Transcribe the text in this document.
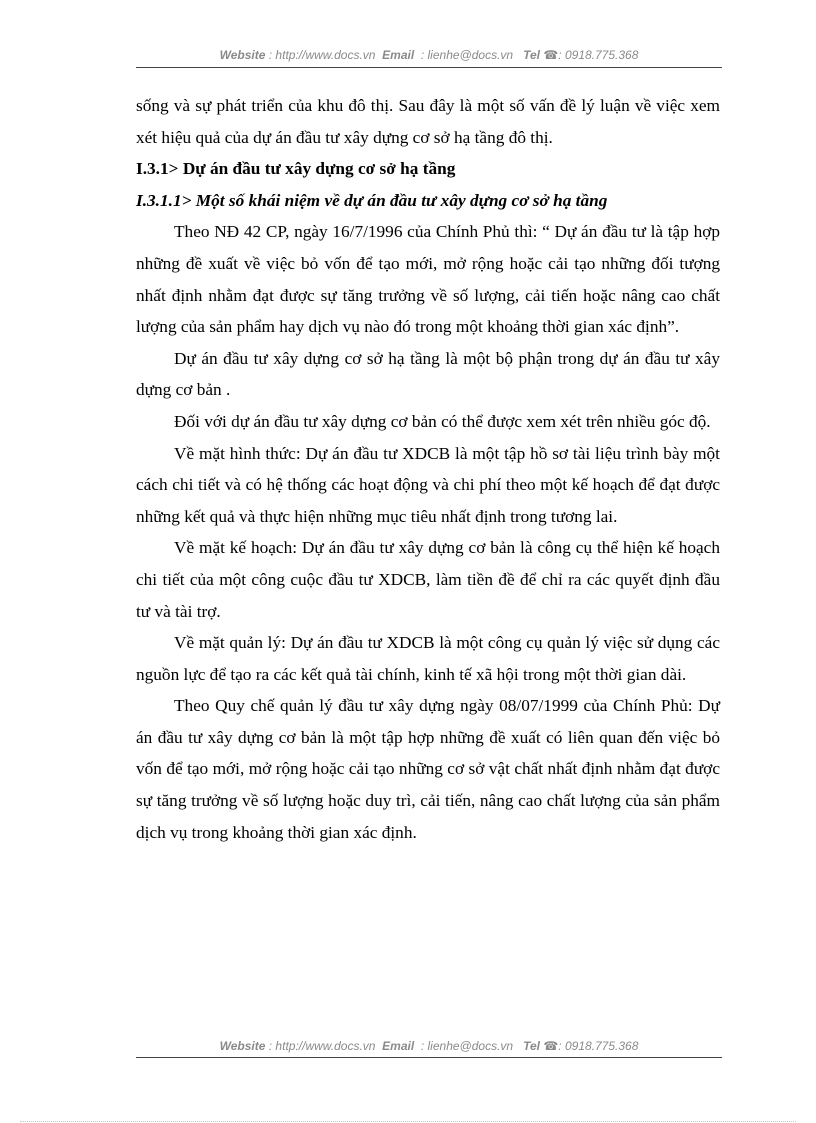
Website : http://www.docs.vn Email : lienhe@docs.vn Tel ☎: 0918.775.368

sống và sự phát triển của khu đô thị. Sau đây là một số vấn đề lý luận về việc xem xét hiệu quả của dự án đầu tư xây dựng cơ sở hạ tầng đô thị.

I.3.1> Dự án đầu tư xây dựng cơ sở hạ tầng

I.3.1.1> Một số khái niệm về dự án đầu tư xây dựng cơ sở hạ tầng

Theo NĐ 42 CP, ngày 16/7/1996 của Chính Phủ thì: “ Dự án đầu tư là tập hợp những đề xuất về việc bỏ vốn để tạo mới, mở rộng hoặc cải tạo những đối tượng nhất định nhằm đạt được sự tăng trưởng về số lượng, cải tiến hoặc nâng cao chất lượng của sản phẩm hay dịch vụ nào đó trong một khoảng thời gian xác định”.

Dự án đầu tư xây dựng cơ sở hạ tầng là một bộ phận trong dự án đầu tư xây dựng cơ bản .

Đối với dự án đầu tư xây dựng cơ bản có thể được xem xét trên nhiều góc độ.

Về mặt hình thức: Dự án đầu tư XDCB là một tập hồ sơ tài liệu trình bày một cách chi tiết và có hệ thống các hoạt động và chi phí theo một kế hoạch để đạt được những kết quả và thực hiện những mục tiêu nhất định trong tương lai.

Về mặt kế hoạch: Dự án đầu tư xây dựng cơ bản là công cụ thể hiện kế hoạch chi tiết của một công cuộc đầu tư XDCB, làm tiền đề để chỉ ra các quyết định đầu tư và tài trợ.

Về mặt quản lý: Dự án đầu tư XDCB là một công cụ quản lý việc sử dụng các nguồn lực để tạo ra các kết quả tài chính, kinh tế xã hội trong một thời gian dài.

Theo Quy chế quản lý đầu tư xây dựng ngày 08/07/1999 của Chính Phủ: Dự án đầu tư xây dựng cơ bản là một tập hợp những đề xuất có liên quan đến việc bỏ vốn để tạo mới, mở rộng hoặc cải tạo những cơ sở vật chất nhất định nhằm đạt được sự tăng trưởng về số lượng hoặc duy trì, cải tiến, nâng cao chất lượng của sản phẩm dịch vụ trong khoảng thời gian xác định.

Website : http://www.docs.vn Email : lienhe@docs.vn Tel ☎: 0918.775.368
